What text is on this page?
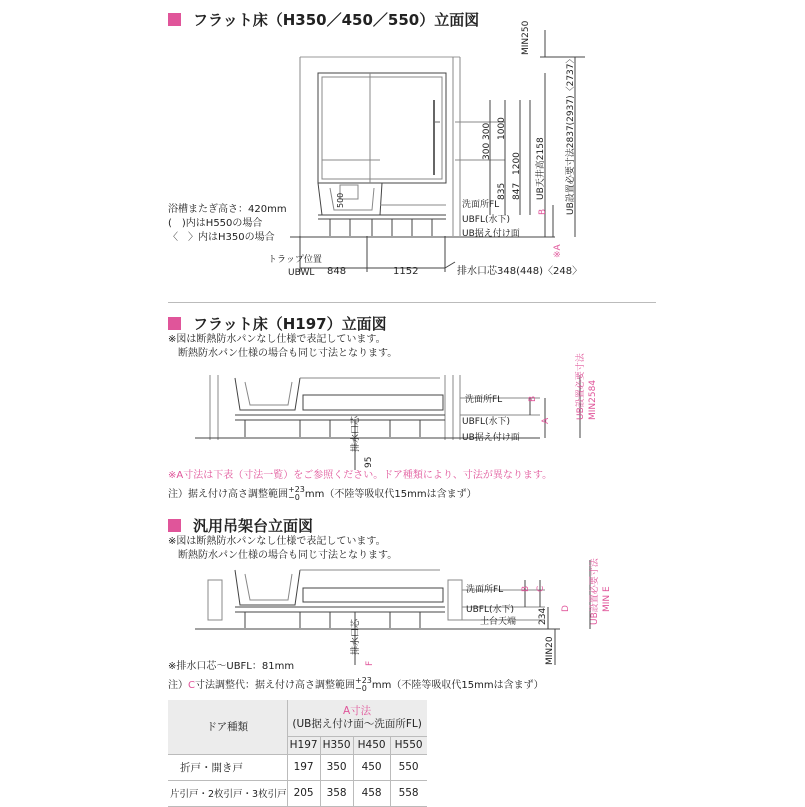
フラット床（H350／450／550）立面図
MIN250
300 1000
300
1200
835 847 UB天井高2158 UB設置必要寸法2837(2937)〈2737〉
500	洗面所FL
UBFL(水下)
UB据え付け面
B
※A
浴槽またぎ高さ：420mm
(　)内はH550の場合
〈　〉内はH350の場合
トラップ位置
UBWL 848	1152	排水口芯348(448)〈248〉
フラット床（H197）立面図
※図は断熱防水パンなし仕様で表記しています。
断熱防水パン仕様の場合も同じ寸法となります。
洗面所FL
UBFL(水下)
UB据え付け面
B
A
排水口芯
95
UB設置必要寸法 MIN2584
※A寸法は下表（寸法一覧）をご参照ください。ドア種類により、寸法が異なります。
注）据え付け高さ調整範囲+23
−0 mm（不陸等吸収代15mmは含まず）
汎用吊架台立面図
※図は断熱防水パンなし仕様で表記しています。
断熱防水パン仕様の場合も同じ寸法となります。
洗面所FL
UBFL(水下)
土台天端
B C
D
234
MIN20
排水口芯
F
UB設置必要寸法 MIN E
※排水口芯〜UBFL：81mm
注）C寸法調整代：据え付け高さ調整範囲+23
−0 mm（不陸等吸収代15mmは含まず）
ドア種類	A寸法
(UB据え付け面〜洗面所FL)			
	H197	H350	H450	H550
折戸・開き戸	197	350	450	550
片引戸・2枚引戸・3枚引戸	205	358	458	558
